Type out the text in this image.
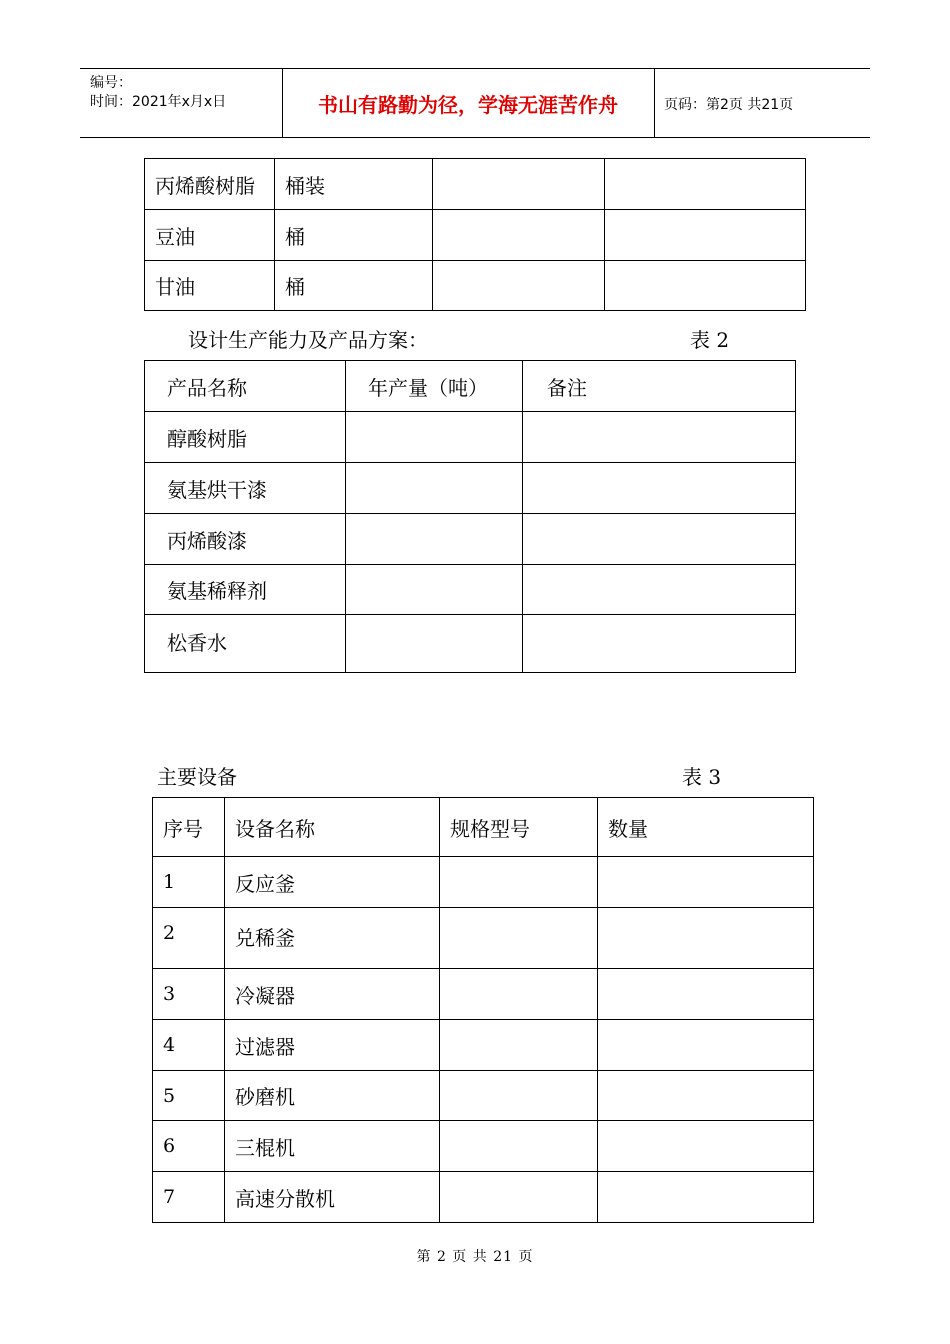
编号：
时间：2021年x月x日	书山有路勤为径，学海无涯苦作舟	页码：第2页 共21页
丙烯酸树脂	桶装		
豆油	桶		
甘油	桶		
设计生产能力及产品方案：	表 2
产品名称	年产量（吨）	备注
醇酸树脂		
氨基烘干漆		
丙烯酸漆		
氨基稀释剂		
松香水		
主要设备	表 3
序号	设备名称	规格型号	数量
1	反应釜		
2	兑稀釜		
3	冷凝器		
4	过滤器		
5	砂磨机		
6	三棍机		
7	高速分散机		
第 2 页 共 21 页
